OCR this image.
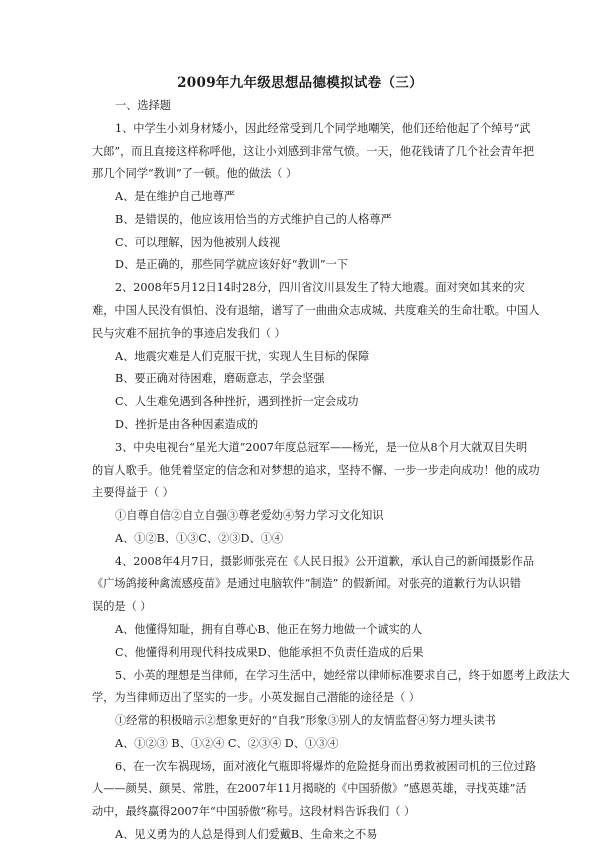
2009年九年级思想品德模拟试卷（三）
一、选择题
1、中学生小刘身材矮小，因此经常受到几个同学地嘲笑，他们还给他起了个绰号“武
大郎”，而且直接这样称呼他，这让小刘感到非常气愤。一天，他花钱请了几个社会青年把
那几个同学“教训”了一顿。他的做法（ ）
A、是在维护自己地尊严
B、是错误的，他应该用恰当的方式维护自己的人格尊严
C、可以理解，因为他被别人歧视
D、是正确的，那些同学就应该好好“教训”一下
2、2008年5月12日14时28分，四川省汶川县发生了特大地震。面对突如其来的灾
难，中国人民没有惧怕、没有退缩，谱写了一曲曲众志成城、共度难关的生命壮歌。中国人
民与灾难不屈抗争的事迹启发我们（ ）
A、地震灾难是人们克服干扰，实现人生目标的保障
B、要正确对待困难，磨砺意志，学会坚强
C、人生难免遇到各种挫折，遇到挫折一定会成功
D、挫折是由各种因素造成的
3、中央电视台“星光大道”2007年度总冠军——杨光，是一位从8个月大就双目失明
的盲人歌手。他凭着坚定的信念和对梦想的追求，坚持不懈、一步一步走向成功！他的成功
主要得益于（ ）
①自尊自信②自立自强③尊老爱幼④努力学习文化知识
A、①②B、①③C、②③D、①④
4、2008年4月7日，摄影师张亮在《人民日报》公开道歉，承认自己的新闻摄影作品
《广场鸽接种禽流感疫苗》是通过电脑软件“制造” 的假新闻。对张亮的道歉行为认识错
误的是（ ）
A、他懂得知耻，拥有自尊心B、他正在努力地做一个诚实的人
C、他懂得利用现代科技成果D、他能承担不负责任造成的后果
5、小英的理想是当律师，在学习生活中，她经常以律师标准要求自己，终于如愿考上政法大
学，为当律师迈出了坚实的一步。小英发掘自己潜能的途径是（ ）
①经常的积极暗示②想象更好的“自我”形象③别人的友情监督④努力埋头读书
A、①②③ B、①②④ C、②③④ D、①③④
6、在一次车祸现场，面对液化气瓶即将爆炸的危险挺身而出勇救被困司机的三位过路
人——颜昊、颜昊、常胜，在2007年11月揭晓的《中国骄傲》“感恩英雄，寻找英雄”活
动中，最终赢得2007年“中国骄傲”称号。这段材料告诉我们（ ）
A、见义勇为的人总是得到人们爱戴B、生命来之不易
